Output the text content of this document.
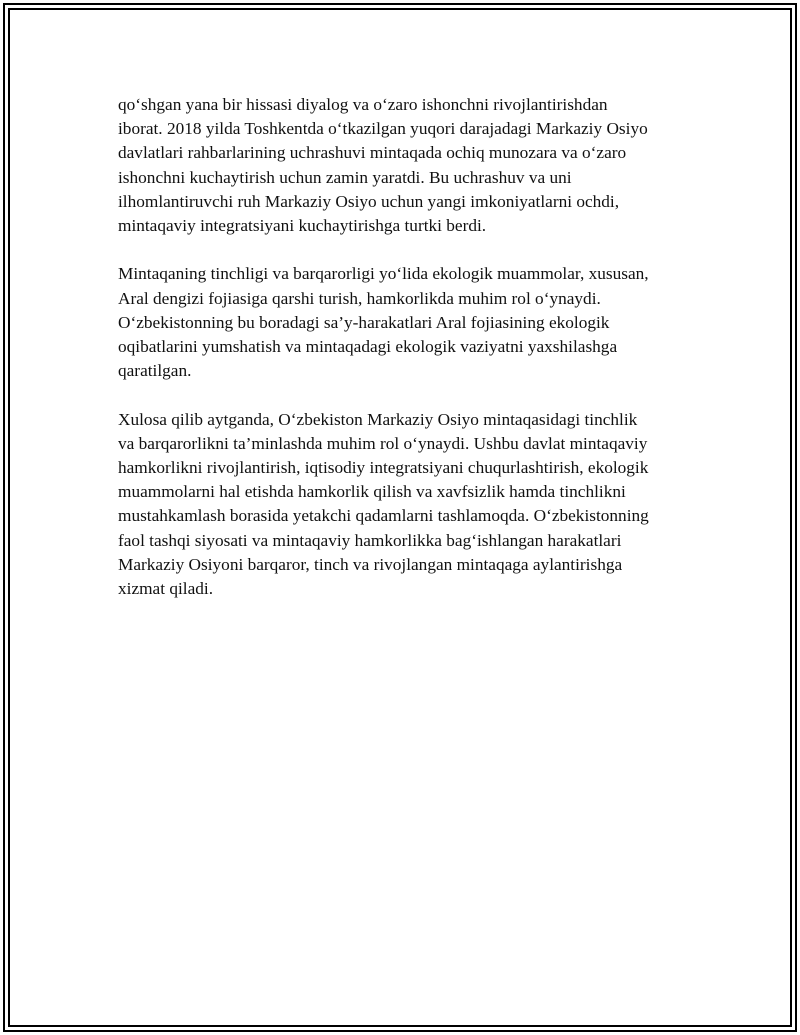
qo‘shgan yana bir hissasi diyalog va o‘zaro ishonchni rivojlantirishdan
iborat. 2018 yilda Toshkentda o‘tkazilgan yuqori darajadagi Markaziy Osiyo
davlatlari rahbarlarining uchrashuvi mintaqada ochiq munozara va o‘zaro
ishonchni kuchaytirish uchun zamin yaratdi. Bu uchrashuv va uni
ilhomlantiruvchi ruh Markaziy Osiyo uchun yangi imkoniyatlarni ochdi,
mintaqaviy integratsiyani kuchaytirishga turtki berdi.

Mintaqaning tinchligi va barqarorligi yo‘lida ekologik muammolar, xususan,
Aral dengizi fojiasiga qarshi turish, hamkorlikda muhim rol o‘ynaydi.
O‘zbekistonning bu boradagi sa’y-harakatlari Aral fojiasining ekologik
oqibatlarini yumshatish va mintaqadagi ekologik vaziyatni yaxshilashga
qaratilgan.

Xulosa qilib aytganda, O‘zbekiston Markaziy Osiyo mintaqasidagi tinchlik
va barqarorlikni ta’minlashda muhim rol o‘ynaydi. Ushbu davlat mintaqaviy
hamkorlikni rivojlantirish, iqtisodiy integratsiyani chuqurlashtirish, ekologik
muammolarni hal etishda hamkorlik qilish va xavfsizlik hamda tinchlikni
mustahkamlash borasida yetakchi qadamlarni tashlamoqda. O‘zbekistonning
faol tashqi siyosati va mintaqaviy hamkorlikka bag‘ishlangan harakatlari
Markaziy Osiyoni barqaror, tinch va rivojlangan mintaqaga aylantirishga
xizmat qiladi.
